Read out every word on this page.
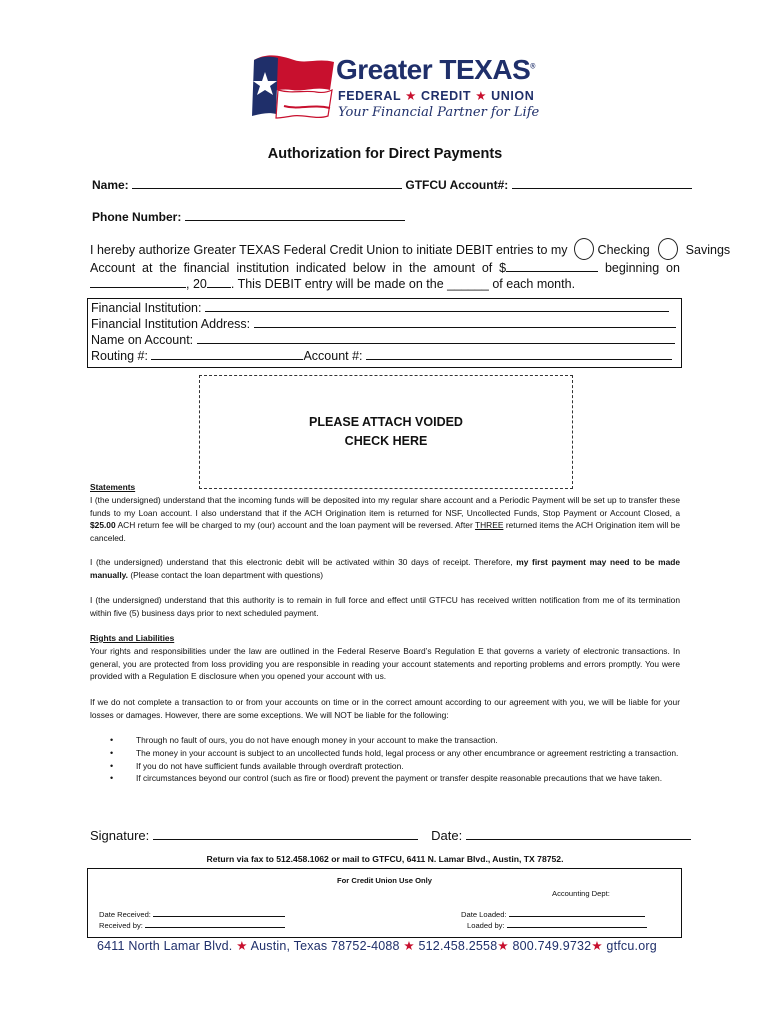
Greater TEXAS®
FEDERAL ★ CREDIT ★ UNION
Your Financial Partner for Life
Authorization for Direct Payments
Name:	GTFCU Account#:
Phone Number:
I hereby authorize Greater TEXAS Federal Credit Union to initiate DEBIT entries to my Checking	Savings
Account at the financial institution indicated below in the amount of $	beginning on
, 20 . This DEBIT entry will be made on the ______ of each month.
Financial Institution:
Financial Institution Address:
Name on Account:
Routing #:	Account #:
PLEASE ATTACH VOIDED
CHECK HERE
Statements
I (the undersigned) understand that the incoming funds will be deposited into my regular share account and a Periodic Payment will be set up to transfer these funds to my Loan account. I also understand that if the ACH Origination item is returned for NSF, Uncollected Funds, Stop Payment or Account Closed, a $25.00 ACH return fee will be charged to my (our) account and the loan payment will be reversed. After THREE returned items the ACH Origination item will be canceled.
I (the undersigned) understand that this electronic debit will be activated within 30 days of receipt. Therefore, my first payment may need to be made manually. (Please contact the loan department with questions)
I (the undersigned) understand that this authority is to remain in full force and effect until GTFCU has received written notification from me of its termination within five (5) business days prior to next scheduled payment.
Rights and Liabilities
Your rights and responsibilities under the law are outlined in the Federal Reserve Board’s Regulation E that governs a variety of electronic transactions. In general, you are protected from loss providing you are responsible in reading your account statements and reporting problems and errors promptly. You were provided with a Regulation E disclosure when you opened your account with us.
If we do not complete a transaction to or from your accounts on time or in the correct amount according to our agreement with you, we will be liable for your losses or damages. However, there are some exceptions. We will NOT be liable for the following:
• Through no fault of ours, you do not have enough money in your account to make the transaction.
• The money in your account is subject to an uncollected funds hold, legal process or any other encumbrance or agreement restricting a transaction.
• If you do not have sufficient funds available through overdraft protection.
• If circumstances beyond our control (such as fire or flood) prevent the payment or transfer despite reasonable precautions that we have taken.
Signature:	Date:
Return via fax to 512.458.1062 or mail to GTFCU, 6411 N. Lamar Blvd., Austin, TX 78752.
For Credit Union Use Only
Accounting Dept:
Date Received:
Received by:
Date Loaded:
Loaded by:
6411 North Lamar Blvd. ★ Austin, Texas 78752-4088 ★ 512.458.2558★ 800.749.9732★ gtfcu.org
